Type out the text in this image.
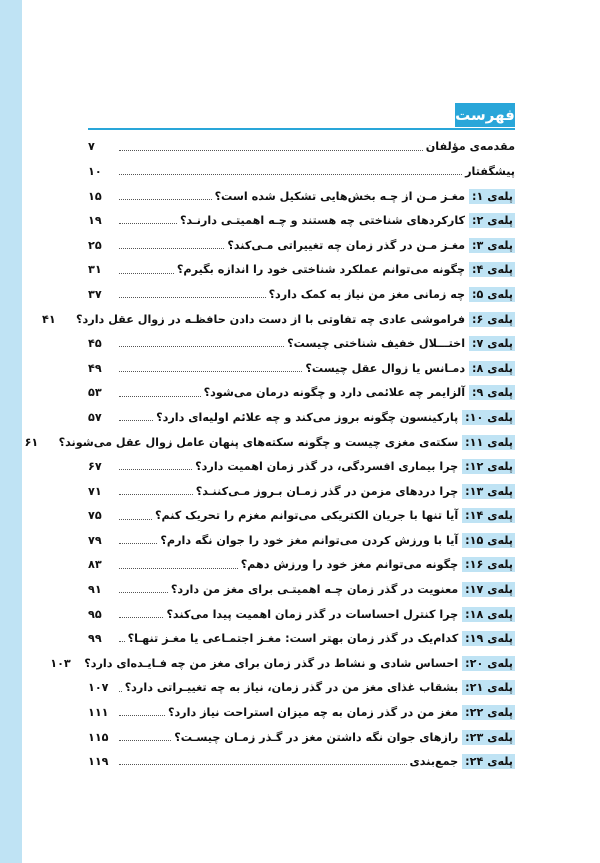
فهرست
مقدمه‌ی مؤلفان
۷
پیشگفتار
۱۰
پله‌ی ۱: مغـز مـن از چـه بخش‌هایی تشکیل شده است؟
۱۵
پله‌ی ۲: کارکردهای شناختی چه هستند و چـه اهمیتـی دارنـد؟
۱۹
پله‌ی ۳: مغـز مـن در گذر زمان چه تغییراتی مـی‌کند؟
۲۵
پله‌ی ۴: چگونه می‌توانم عملکرد شناختی خود را اندازه بگیرم؟
۳۱
پله‌ی ۵: چه زمانی مغز من نیاز به کمک دارد؟
۳۷
پله‌ی ۶: فراموشی عادی چه تفاوتی با از دست دادن حافظـه در زوال عقل دارد؟
۴۱
پله‌ی ۷: اختـــلال خفیف شناختی چیست؟
۴۵
پله‌ی ۸: دمـانس یا زوال عقل چیست؟
۴۹
پله‌ی ۹: آلزایمر چه علائمی دارد و چگونه درمان می‌شود؟
۵۳
پله‌ی ۱۰: پارکینسون چگونه بروز می‌کند و چه علائم اولیه‌ای دارد؟
۵۷
پله‌ی ۱۱: سکته‌ی مغزی چیست و چگونه سکته‌های پنهان عامل زوال عقل می‌شوند؟
۶۱
پله‌ی ۱۲: چرا بیماری افسردگی، در گذر زمان اهمیت دارد؟
۶۷
پله‌ی ۱۳: چرا دردهای مزمن در گذر زمـان بـروز مـی‌کننـد؟
۷۱
پله‌ی ۱۴: آیا تنها با جریان الکتریکی می‌توانم مغزم را تحریک کنم؟
۷۵
پله‌ی ۱۵: آیا با ورزش کردن می‌توانم مغز خود را جوان نگه دارم؟
۷۹
پله‌ی ۱۶: چگونه می‌توانم مغز خود را ورزش دهم؟
۸۳
پله‌ی ۱۷: معنویت در گذر زمان چـه اهمیتـی برای مغز من دارد؟
۹۱
پله‌ی ۱۸: چرا کنترل احساسات در گذر زمان اهمیت پیدا می‌کند؟
۹۵
پله‌ی ۱۹: کدام‌یک در گذر زمان بهتر است: مغـز اجتمـاعی یا مغـز تنهـا؟
۹۹
پله‌ی ۲۰: احساس شادی و نشاط در گذر زمان برای مغز من چه فـایـده‌ای دارد؟
۱۰۳
پله‌ی ۲۱: بشقاب غذای مغز من در گذر زمان، نیاز به چه تغییـراتی دارد؟
۱۰۷
پله‌ی ۲۲: مغز من در گذر زمان به چه میزان استراحت نیاز دارد؟
۱۱۱
پله‌ی ۲۳: رازهای جوان نگه داشتن مغز در گـذر زمـان چیسـت؟
۱۱۵
پله‌ی ۲۴: جمع‌بندی
۱۱۹
